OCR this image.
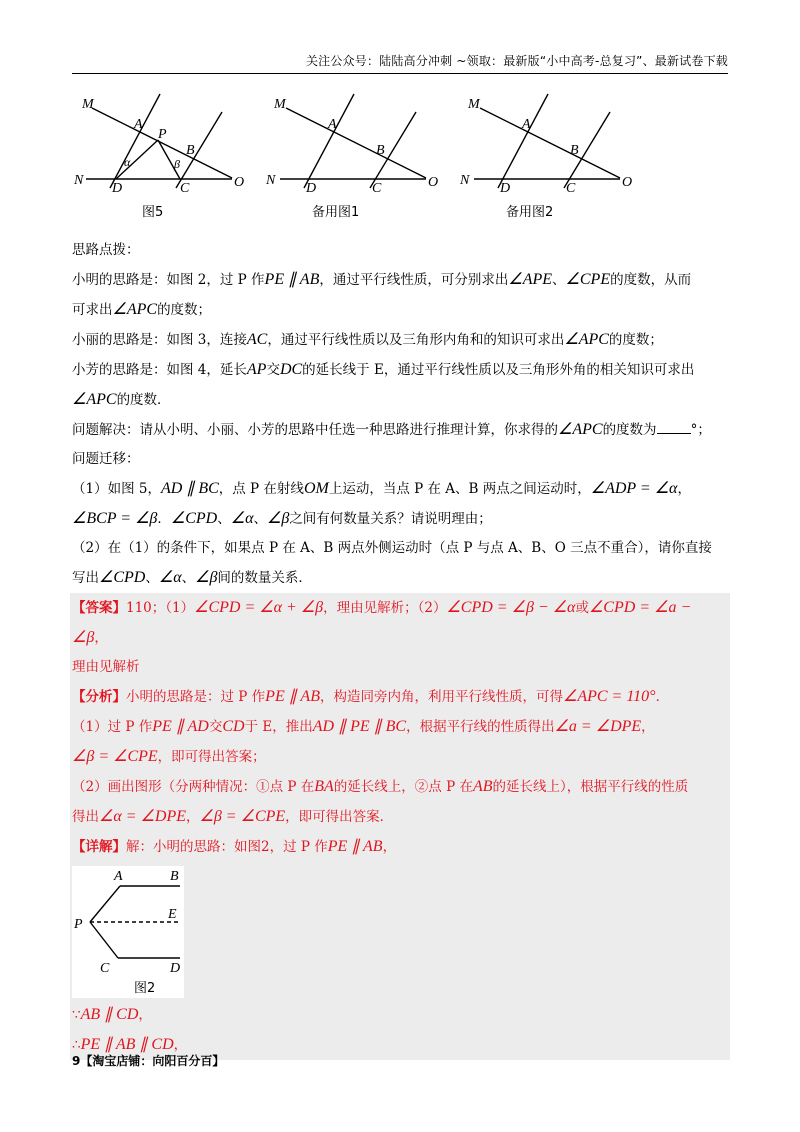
关注公众号：陆陆高分冲刺 ~领取：最新版“小中高考-总复习”、最新试卷下载
M
N
A
P
B
D	C	O
α	β
图5
M
N
A
B
D	C	O
备用图1
M
N
A
B
D	C	O
备用图2

思路点拨：

小明的思路是：如图 2，过 P 作PE ∥ AB，通过平行线性质，可分别求出∠APE、∠CPE的度数，从而

可求出∠APC的度数；

小丽的思路是：如图 3，连接AC，通过平行线性质以及三角形内角和的知识可求出∠APC的度数；

小芳的思路是：如图 4，延长AP交DC的延长线于 E，通过平行线性质以及三角形外角的相关知识可求出

∠APC的度数．

问题解决：请从小明、小丽、小芳的思路中任选一种思路进行推理计算，你求得的∠APC的度数为	°；

问题迁移：

（1）如图 5，AD ∥ BC，点 P 在射线OM上运动，当点 P 在 A、B 两点之间运动时，∠ADP = ∠α，

∠BCP = ∠β．∠CPD、∠α、∠β之间有何数量关系？请说明理由；

（2）在（1）的条件下，如果点 P 在 A、B 两点外侧运动时（点 P 与点 A、B、O 三点不重合），请你直接

写出∠CPD、∠α、∠β间的数量关系．

【答案】110；（1）∠CPD = ∠α + ∠β，理由见解析；（2）∠CPD = ∠β − ∠α或∠CPD = ∠a − ∠β，

理由见解析

【分析】小明的思路是：过 P 作PE ∥ AB，构造同旁内角，利用平行线性质，可得∠APC = 110°．

（1）过 P 作PE ∥ AD交CD于 E，推出AD ∥ PE ∥ BC，根据平行线的性质得出∠a = ∠DPE，

∠β = ∠CPE，即可得出答案；

（2）画出图形（分两种情况：①点 P 在BA的延长线上，②点 P 在AB的延长线上），根据平行线的性质

得出∠α = ∠DPE，∠β = ∠CPE，即可得出答案．

【详解】解：小明的思路：如图2，过 P 作PE ∥ AB，

A	B
P
E
C	D
图2

∵AB ∥ CD，

∴PE ∥ AB ∥ CD，

9【淘宝店铺：向阳百分百】
